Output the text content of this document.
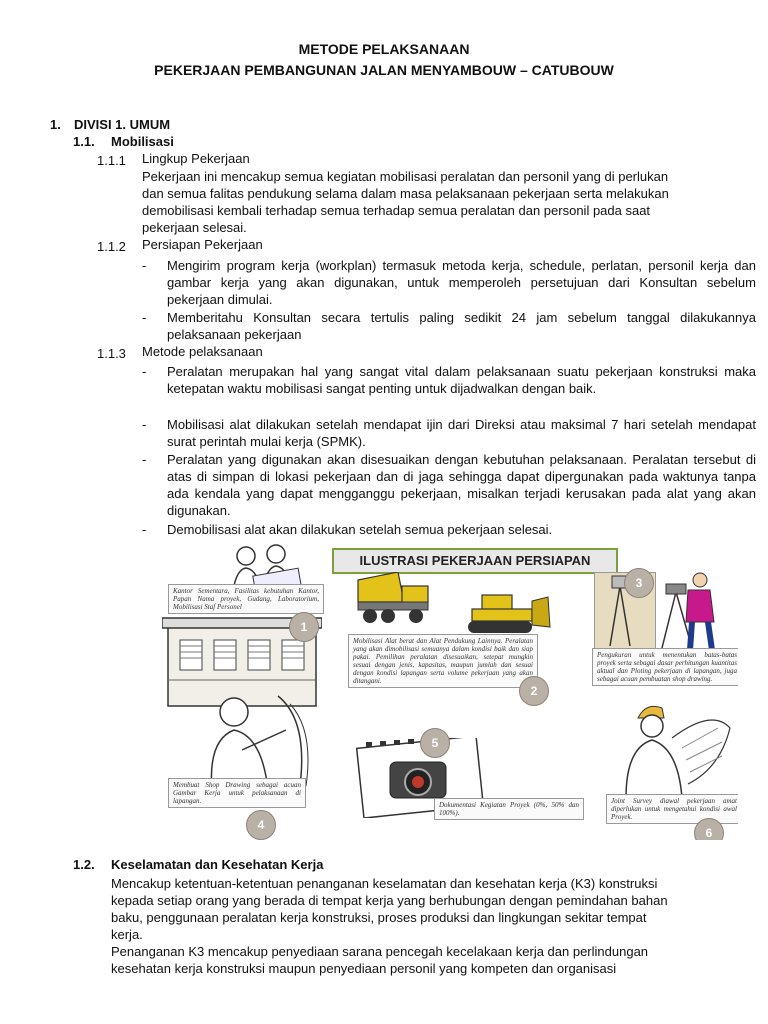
METODE PELAKSANAAN
PEKERJAAN PEMBANGUNAN JALAN MENYAMBOUW – CATUBOUW
1. DIVISI 1. UMUM
1.1. Mobilisasi
1.1.1 Lingkup Pekerjaan
Pekerjaan ini mencakup semua kegiatan mobilisasi peralatan dan personil yang di perlukan
dan semua falitas pendukung selama dalam masa pelaksanaan pekerjaan serta melakukan
demobilisasi kembali terhadap semua terhadap semua peralatan dan personil pada saat
pekerjaan selesai.
1.1.2 Persiapan Pekerjaan
- Mengirim program kerja (workplan) termasuk metoda kerja, schedule, perlatan, personil kerja dan gambar kerja yang akan digunakan, untuk memperoleh persetujuan dari Konsultan sebelum pekerjaan dimulai.
- Memberitahu Konsultan secara tertulis paling sedikit 24 jam sebelum tanggal dilakukannya pelaksanaan pekerjaan
1.1.3 Metode pelaksanaan
- Peralatan merupakan hal yang sangat vital dalam pelaksanaan suatu pekerjaan konstruksi maka ketepatan waktu mobilisasi sangat penting untuk dijadwalkan dengan baik.
- Mobilisasi alat dilakukan setelah mendapat ijin dari Direksi atau maksimal 7 hari setelah mendapat surat perintah mulai kerja (SPMK).
- Peralatan yang digunakan akan disesuaikan dengan kebutuhan pelaksanaan. Peralatan tersebut di atas di simpan di lokasi pekerjaan dan di jaga sehingga dapat dipergunakan pada waktunya tanpa ada kendala yang dapat mengganggu pekerjaan, misalkan terjadi kerusakan pada alat yang akan digunakan.
- Demobilisasi alat akan dilakukan setelah semua pekerjaan selesai.
ILUSTRASI PEKERJAAN PERSIAPAN
Kantor Sementara, Fasilitas kebutuhan Kantor, Papan Nama proyek, Gudang, Laboratorium, Mobilisasi Staf Personel
1
Mobilisasi Alat berat dan Alat Pendukung Lainnya. Peralatan yang akan dimobilisasi semuanya dalam kondisi baik dan siap pakai. Pemilihan peralatan disesuaikan, setepat mungkin sesuai dengan jenis, kapasitas, maupun jumlah dan sesuai dengan kondisi lapangan serta volume pekerjaan yang akan ditangani.
2
3
Pengukuran untuk menentukan batas-batas proyek serta sebagai dasar perhitungan kuantitas aktual dan Ploting pekerjaan di lapangan, juga sebagai acuan pembuatan shop drawing.
Membuat Shop Drawing sebagai acuan Gambar Kerja untuk pelaksanaan di lapangan.
4
5
Dokumentasi Kegiatan Proyek (0%, 50% dan 100%).
Joint Survey diawal pekerjaan amat diperlukan untuk mengetahui kondisi awal Proyek.
6
1.2. Keselamatan dan Kesehatan Kerja
Mencakup ketentuan-ketentuan penanganan keselamatan dan kesehatan kerja (K3) konstruksi
kepada setiap orang yang berada di tempat kerja yang berhubungan dengan pemindahan bahan
baku, penggunaan peralatan kerja konstruksi, proses produksi dan lingkungan sekitar tempat
kerja.
Penanganan K3 mencakup penyediaan sarana pencegah kecelakaan kerja dan perlindungan
kesehatan kerja konstruksi maupun penyediaan personil yang kompeten dan organisasi
